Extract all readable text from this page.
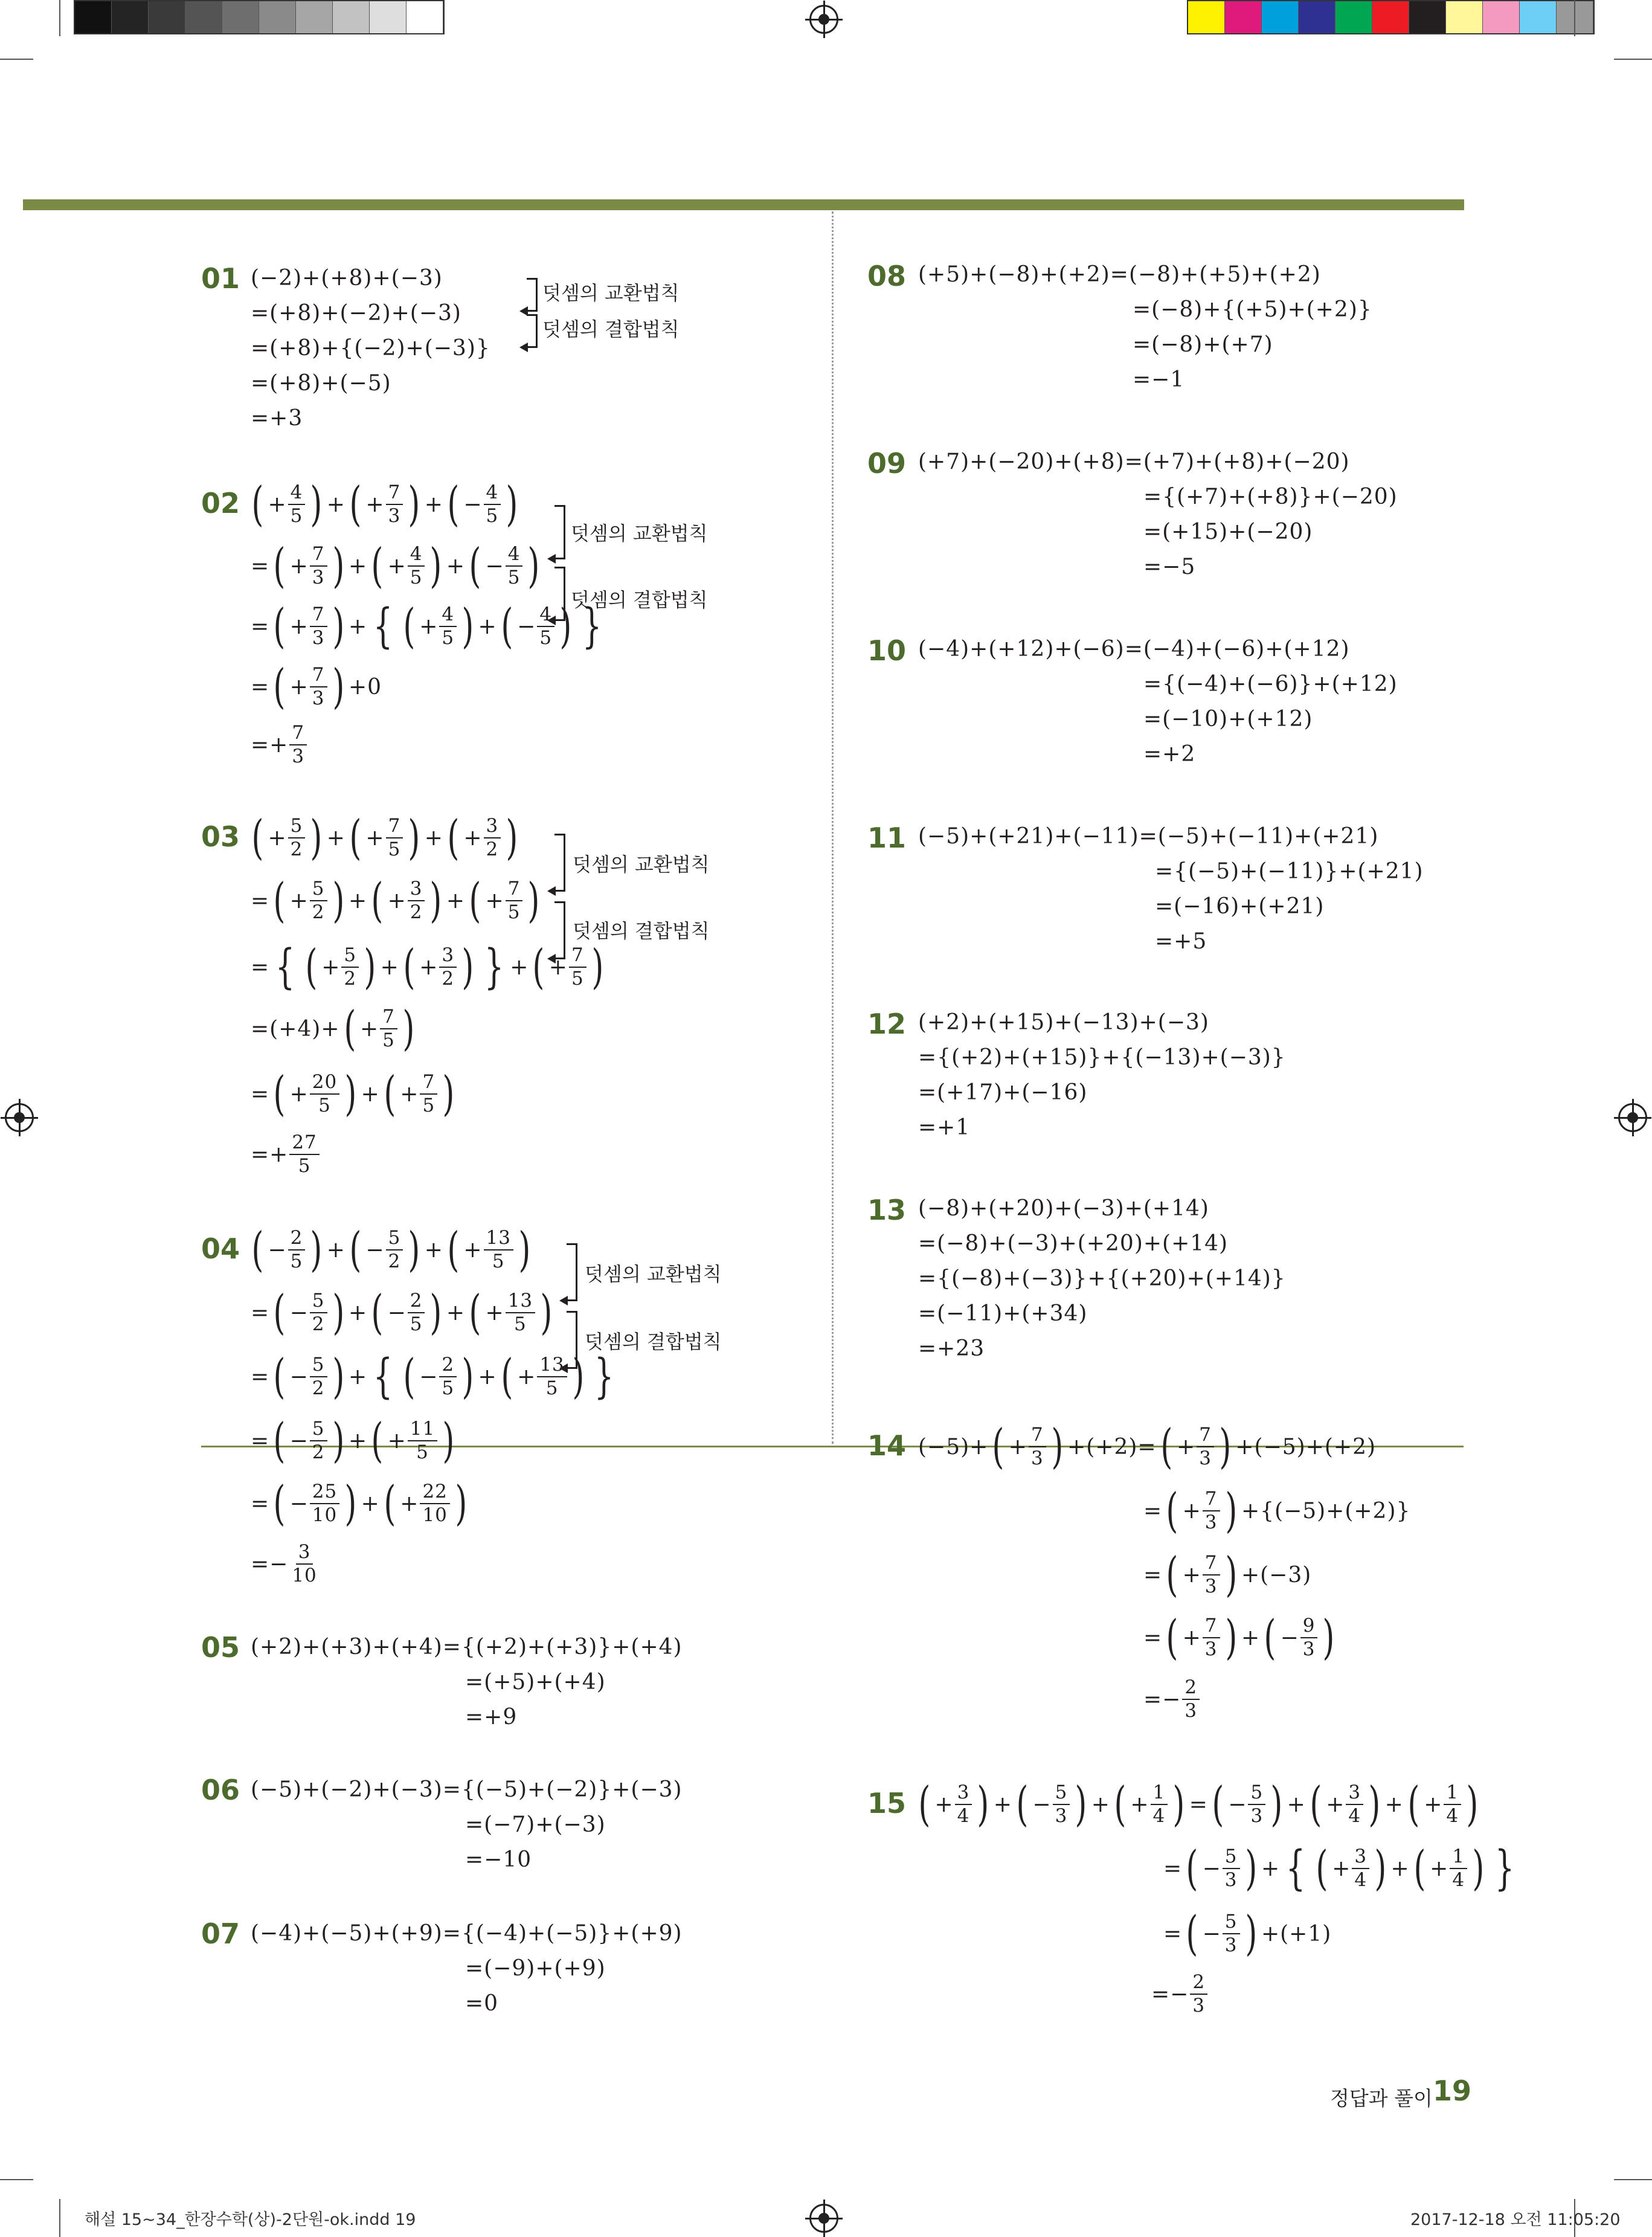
01 (−2)+(+8)+(−3)
=(+8)+(−2)+(−3)
=(+8)+{(−2)+(−3)}
=(+8)+(−5)
=+3
덧셈의 교환법칙
덧셈의 결합법칙
02 ( + $\frac{4}{5}$ ) + ( + $\frac{7}{3}$ ) + ( − $\frac{4}{5}$ )
= ( + $\frac{7}{3}$ ) + ( + $\frac{4}{5}$ ) + ( − $\frac{4}{5}$ )
= ( + $\frac{7}{3}$ ) + { ( + $\frac{4}{5}$ ) + ( − $\frac{4}{5}$ ) }
= ( + $\frac{7}{3}$ ) +0
=+ $\frac{7}{3}$
덧셈의 교환법칙
덧셈의 결합법칙
03 ( + $\frac{5}{2}$ ) + ( + $\frac{7}{5}$ ) + ( + $\frac{3}{2}$ )
= ( + $\frac{5}{2}$ ) + ( + $\frac{3}{2}$ ) + ( + $\frac{7}{5}$ )
= { ( + $\frac{5}{2}$ ) + ( + $\frac{3}{2}$ ) } + ( + $\frac{7}{5}$ )
=(+4)+ ( + $\frac{7}{5}$ )
= ( + $\frac{20}{5}$ ) + ( + $\frac{7}{5}$ )
=+ $\frac{27}{5}$
덧셈의 교환법칙
덧셈의 결합법칙
04 ( − $\frac{2}{5}$ ) + ( − $\frac{5}{2}$ ) + ( + $\frac{13}{5}$ )
= ( − $\frac{5}{2}$ ) + ( − $\frac{2}{5}$ ) + ( + $\frac{13}{5}$ )
= ( − $\frac{5}{2}$ ) + { ( − $\frac{2}{5}$ ) + ( + $\frac{13}{5}$ ) }
= ( − $\frac{5}{2}$ ) + ( + $\frac{11}{5}$ )
= ( − $\frac{25}{10}$ ) + ( + $\frac{22}{10}$ )
=− $\frac{3}{10}$
덧셈의 교환법칙
덧셈의 결합법칙
05 (+2)+(+3)+(+4)={(+2)+(+3)}+(+4)
=(+5)+(+4)
=+9
06 (−5)+(−2)+(−3)={(−5)+(−2)}+(−3)
=(−7)+(−3)
=−10
07 (−4)+(−5)+(+9)={(−4)+(−5)}+(+9)
=(−9)+(+9)
=0
08 (+5)+(−8)+(+2)=(−8)+(+5)+(+2)
=(−8)+{(+5)+(+2)}
=(−8)+(+7)
=−1
09 (+7)+(−20)+(+8)=(+7)+(+8)+(−20)
={(+7)+(+8)}+(−20)
=(+15)+(−20)
=−5
10 (−4)+(+12)+(−6)=(−4)+(−6)+(+12)
={(−4)+(−6)}+(+12)
=(−10)+(+12)
=+2
11 (−5)+(+21)+(−11)=(−5)+(−11)+(+21)
={(−5)+(−11)}+(+21)
=(−16)+(+21)
=+5
12 (+2)+(+15)+(−13)+(−3)
={(+2)+(+15)}+{(−13)+(−3)}
=(+17)+(−16)
=+1
13 (−8)+(+20)+(−3)+(+14)
=(−8)+(−3)+(+20)+(+14)
={(−8)+(−3)}+{(+20)+(+14)}
=(−11)+(+34)
=+23
14 (−5)+ ( + $\frac{7}{3}$ ) +(+2)= ( + $\frac{7}{3}$ ) +(−5)+(+2)
= ( + $\frac{7}{3}$ ) +{(−5)+(+2)}
= ( + $\frac{7}{3}$ ) +(−3)
= ( + $\frac{7}{3}$ ) + ( − $\frac{9}{3}$ )
=− $\frac{2}{3}$
15 ( + $\frac{3}{4}$ ) + ( − $\frac{5}{3}$ ) + ( + $\frac{1}{4}$ ) = ( − $\frac{5}{3}$ ) + ( + $\frac{3}{4}$ ) + ( + $\frac{1}{4}$ )
= ( − $\frac{5}{3}$ ) + { ( + $\frac{3}{4}$ ) + ( + $\frac{1}{4}$ ) }
= ( − $\frac{5}{3}$ ) +(+1)
=− $\frac{2}{3}$
정답과 풀이 19
해설 15~34_한장수학(상)-2단원-ok.indd 19	2017-12-18 오전 11:05:20
